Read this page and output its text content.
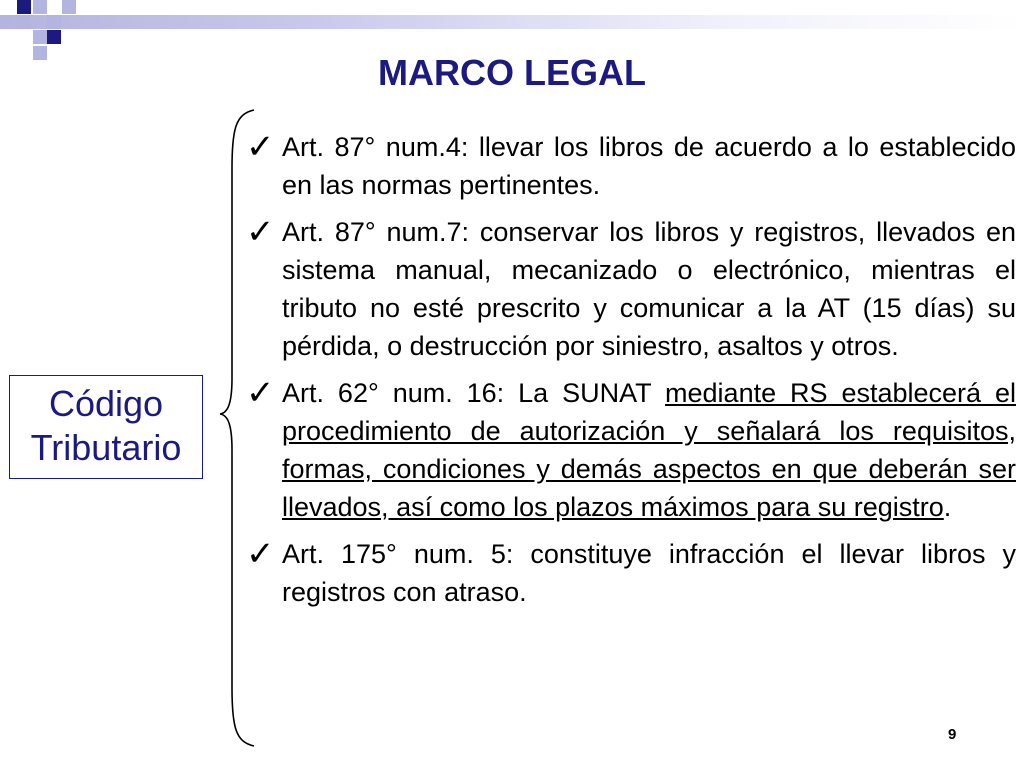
MARCO LEGAL
Código
Tributario
✓ Art. 87° num.4: llevar los libros de acuerdo a lo establecido en las normas pertinentes.
✓ Art. 87° num.7: conservar los libros y registros, llevados en sistema manual, mecanizado o electrónico, mientras el tributo no esté prescrito y comunicar a la AT (15 días) su pérdida, o destrucción por siniestro, asaltos y otros.
✓ Art. 62° num. 16: La SUNAT mediante RS establecerá el procedimiento de autorización y señalará los requisitos, formas, condiciones y demás aspectos en que deberán ser llevados, así como los plazos máximos para su registro.
✓ Art. 175° num. 5: constituye infracción el llevar libros y registros con atraso.
9
